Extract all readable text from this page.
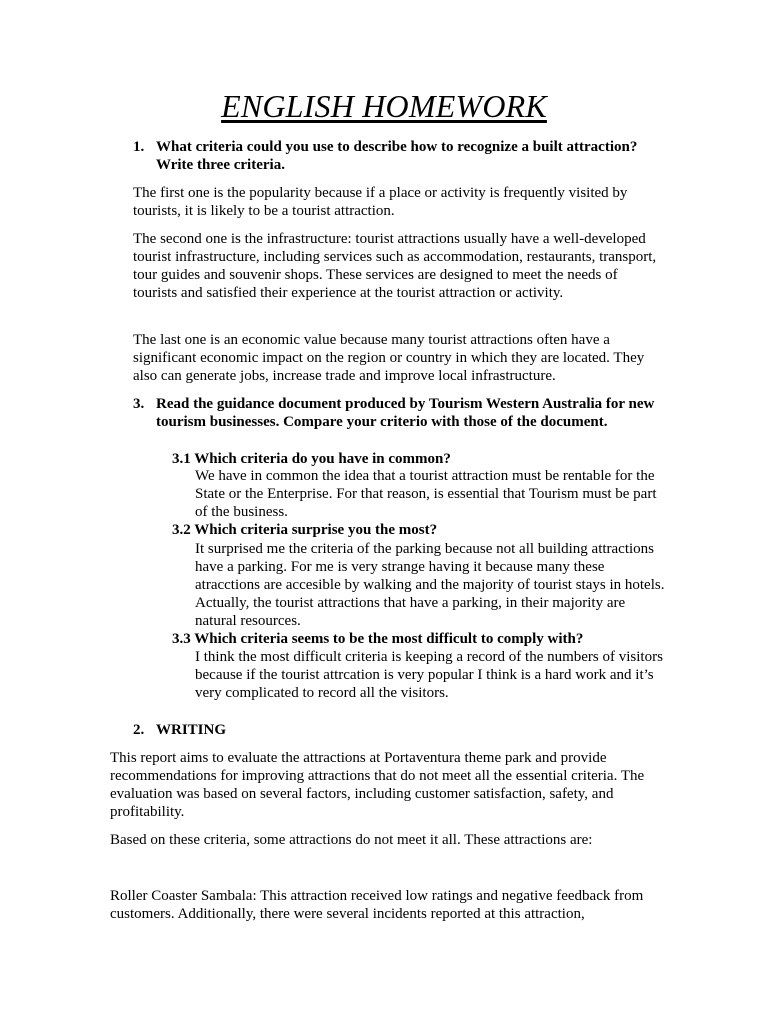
ENGLISH HOMEWORK
1. What criteria could you use to describe how to recognize a built attraction? Write three criteria.

The first one is the popularity because if a place or activity is frequently visited by tourists, it is likely to be a tourist attraction.

The second one is the infrastructure: tourist attractions usually have a well-developed tourist infrastructure, including services such as accommodation, restaurants, transport, tour guides and souvenir shops. These services are designed to meet the needs of tourists and satisfied their experience at the tourist attraction or activity.

The last one is an economic value because many tourist attractions often have a significant economic impact on the region or country in which they are located. They also can generate jobs, increase trade and improve local infrastructure.

3. Read the guidance document produced by Tourism Western Australia for new tourism businesses. Compare your criterio with those of the document.

3.1 Which criteria do you have in common?

We have in common the idea that a tourist attraction must be rentable for the State or the Enterprise. For that reason, is essential that Tourism must be part of the business.

3.2 Which criteria surprise you the most?

It surprised me the criteria of the parking because not all building attractions have a parking. For me is very strange having it because many these atracctions are accesible by walking and the majority of tourist stays in hotels. Actually, the tourist attractions that have a parking, in their majority are natural resources.

3.3 Which criteria seems to be the most difficult to comply with?

I think the most difficult criteria is keeping a record of the numbers of visitors because if the tourist attrcation is very popular I think is a hard work and it’s very complicated to record all the visitors.

2. WRITING

This report aims to evaluate the attractions at Portaventura theme park and provide recommendations for improving attractions that do not meet all the essential criteria. The evaluation was based on several factors, including customer satisfaction, safety, and profitability.

Based on these criteria, some attractions do not meet it all. These attractions are:

Roller Coaster Sambala: This attraction received low ratings and negative feedback from customers. Additionally, there were several incidents reported at this attraction,
